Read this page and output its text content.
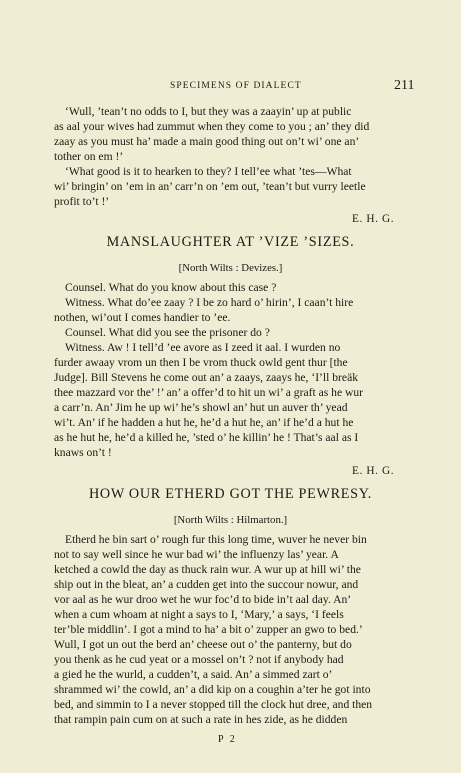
SPECIMENS OF DIALECT	211
‘Wull, ’tean’t no odds to I, but they was a zaayin’ up at public
as aal your wives had zummut when they come to you ; an’ they did
zaay as you must ha’ made a main good thing out on’t wi’ one an’
tother on em !’
‘What good is it to hearken to they? I tell’ee what ’tes—What
wi’ bringin’ on ’em in an’ carr’n on ’em out, ’tean’t but vurry leetle
profit to’t !’
E. H. G.
MANSLAUGHTER AT ’VIZE ’SIZES.
[North Wilts : Devizes.]
Counsel. What do you know about this case ?
Witness. What do’ee zaay ? I be zo hard o’ hirin’, I caan’t hire
nothen, wi’out I comes handier to ’ee.
Counsel. What did you see the prisoner do ?
Witness. Aw ! I tell’d ’ee avore as I zeed it aal. I wurden no
furder awaay vrom un then I be vrom thuck owld gent thur [the
Judge]. Bill Stevens he come out an’ a zaays, zaays he, ‘I’ll breäk
thee mazzard vor the’ !’ an’ a offer’d to hit un wi’ a graft as he wur
a carr’n. An’ Jim he up wi’ he’s showl an’ hut un auver th’ yead
wi’t. An’ if he hadden a hut he, he’d a hut he, an’ if he’d a hut he
as he hut he, he’d a killed he, ’sted o’ he killin’ he ! That’s aal as I
knaws on’t !
E. H. G.
HOW OUR ETHERD GOT THE PEWRESY.
[North Wilts : Hilmarton.]
Etherd he bin sart o’ rough fur this long time, wuver he never bin
not to say well since he wur bad wi’ the influenzy las’ year. A
ketched a cowld the day as thuck rain wur. A wur up at hill wi’ the
ship out in the bleat, an’ a cudden get into the succour nowur, and
vor aal as he wur droo wet he wur foc’d to bide in’t aal day. An’
when a cum whoam at night a says to I, ‘Mary,’ a says, ‘I feels
ter’ble middlin’. I got a mind to ha’ a bit o’ zupper an gwo to bed.’
Wull, I got un out the berd an’ cheese out o’ the panterny, but do
you thenk as he cud yeat or a mossel on’t ? not if anybody had
a gied he the wurld, a cudden’t, a said. An’ a simmed zart o’
shrammed wi’ the cowld, an’ a did kip on a coughin a’ter he got into
bed, and simmin to I a never stopped till the clock hut dree, and then
that rampin pain cum on at such a rate in hes zide, as he didden
P 2
